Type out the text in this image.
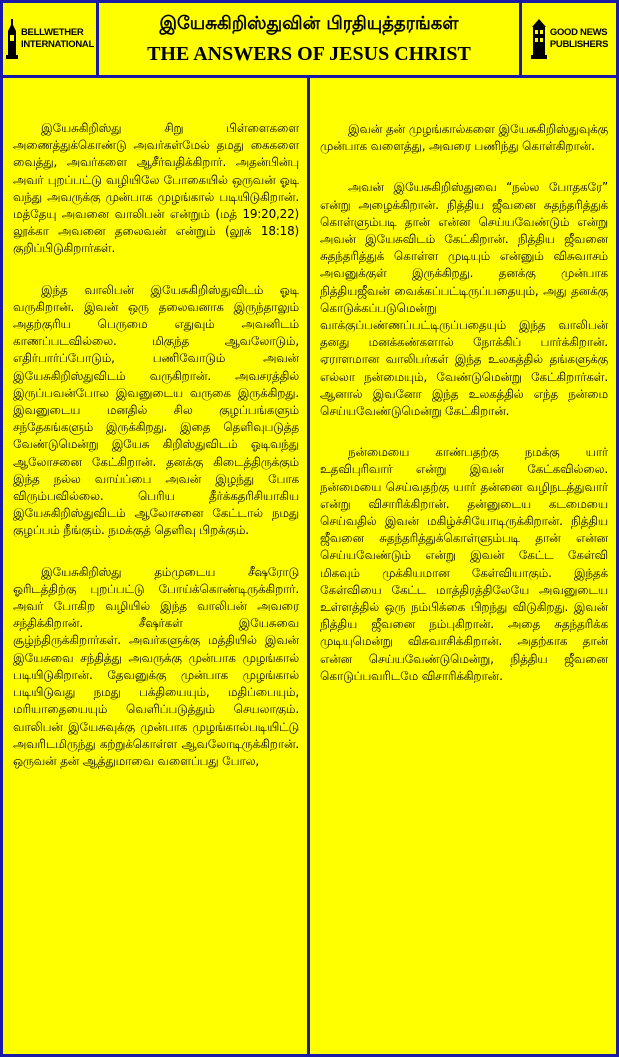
BELLWETHER
INTERNATIONAL
இயேசுகிறிஸ்துவின் பிரதியுத்தரங்கள்
THE ANSWERS OF JESUS CHRIST
GOOD NEWS
PUBLISHERS

இயேசுகிறிஸ்து சிறு பிள்ளைகளை அணைத்துக்கொண்டு அவர்கள்மேல் தமது கைகளை வைத்து, அவர்களை ஆசீர்வதிக்கிறார். அதன்பின்பு அவர் புறப்பட்டு வழியிலே போகையில் ஒருவன் ஓடி வந்து அவருக்கு முன்பாக முழங்கால் படியிடுகிறான். மத்தேயு அவனை வாலிபன் என்றும் (மத் 19:20,22) லூக்கா அவனை தலைவன் என்றும் (லூக் 18:18) குறிப்பிடுகிறார்கள்.

இந்த வாலிபன் இயேசுகிறிஸ்துவிடம் ஓடி வருகிறான். இவன் ஒரு தலைவனாக இருந்தாலும் அதற்குரிய பெருமை எதுவும் அவனிடம் காணப்படவில்லை. மிகுந்த ஆவலோடும், எதிர்பார்ப்போடும், பணிவோடும் அவன் இயேசுகிறிஸ்துவிடம் வருகிறான். அவசரத்தில் இருப்பவன்போல இவனுடைய வருகை இருக்கிறது. இவனுடைய மனதில் சில குழப்பங்களும் சந்தேகங்களும் இருக்கிறது. இதை தெளிவுபடுத்த வேண்டுமென்று இயேசு கிறிஸ்துவிடம் ஓடிவந்து ஆலோசனை கேட்கிறான். தனக்கு கிடைத்திருக்கும் இந்த நல்ல வாய்ப்பை அவன் இழந்து போக விரும்பவில்லை. பெரிய தீர்க்கதரிசியாகிய இயேசுகிறிஸ்துவிடம் ஆலோசனை கேட்டால் நமது குழப்பம் நீங்கும். நமக்குத் தெளிவு பிறக்கும்.

இயேசுகிறிஸ்து தம்முடைய சீஷரோடு ஓரிடத்திற்கு புறப்பட்டு போய்க்கொண்டிருக்கிறார். அவர் போகிற வழியில் இந்த வாலிபன் அவரை சந்திக்கிறான். சீஷர்கள் இயேசுவை சூழ்ந்திருக்கிறார்கள். அவர்களுக்கு மத்தியில் இவன் இயேசுவை சந்தித்து அவருக்கு முன்பாக முழங்கால் படியிடுகிறான். தேவனுக்கு முன்பாக முழங்கால் படியிடுவது நமது பக்தியையும், மதிப்பையும், மரியாதையையும் வெளிப்படுத்தும் செயலாகும். வாலிபன் இயேசுவுக்கு முன்பாக முழங்கால்படியிட்டு அவரிடமிருந்து கற்றுக்கொள்ள ஆவலோடிருக்கிறான். ஒருவன் தன் ஆத்துமாவை வளைப்பது போல,

இவன் தன் முழங்கால்களை இயேசுகிறிஸ்துவுக்கு முன்பாக வளைத்து, அவரை பணிந்து கொள்கிறான்.

அவன் இயேசுகிறிஸ்துவை “நல்ல போதகரே” என்று அழைக்கிறான். நித்திய ஜீவனை சுதந்தரித்துக் கொள்ளும்படி தான் என்ன செய்யவேண்டும் என்று அவன் இயேசுவிடம் கேட்கிறான். நித்திய ஜீவனை சுதந்தரித்துக் கொள்ள முடியும் என்னும் விசுவாசம் அவனுக்குள் இருக்கிறது. தனக்கு முன்பாக நித்தியஜீவன் வைக்கப்பட்டிருப்பதையும், அது தனக்கு கொடுக்கப்படுமென்று வாக்குப்பண்ணப்பட்டிருப்பதையும் இந்த வாலிபன் தனது மனக்கண்களால் நோக்கிப் பார்க்கிறான். ஏராளமான வாலிபர்கள் இந்த உலகத்தில் தங்களுக்கு எல்லா நன்மையும், வேண்டுமென்று கேட்கிறார்கள். ஆனால் இவனோ இந்த உலகத்தில் எந்த நன்மை செய்யவேண்டுமென்று கேட்கிறான்.

நன்மையை காண்பதற்கு நமக்கு யார் உதவிபுரிவார் என்று இவன் கேட்கவில்லை. நன்மையை செய்வதற்கு யார் தன்னை வழிநடத்துவார் என்று விசாரிக்கிறான். தன்னுடைய கடமையை செய்வதில் இவன் மகிழ்ச்சியோடிருக்கிறான். நித்திய ஜீவனை சுதந்தரித்துக்கொள்ளும்படி தான் என்ன செய்யவேண்டும் என்று இவன் கேட்ட கேள்வி மிகவும் முக்கியமான கேள்வியாகும். இந்தக் கேள்வியை கேட்ட மாத்திரத்திலேயே அவனுடைய உள்ளத்தில் ஒரு நம்பிக்கை பிறந்து விடுகிறது. இவன் நித்திய ஜீவனை நம்புகிறான். அதை சுதந்தரிக்க முடியுமென்று விசுவாசிக்கிறான். அதற்காக தான் என்ன செய்யவேண்டுமென்று, நித்திய ஜீவனை கொடுப்பவரிடமே விசாரிக்கிறான்.
